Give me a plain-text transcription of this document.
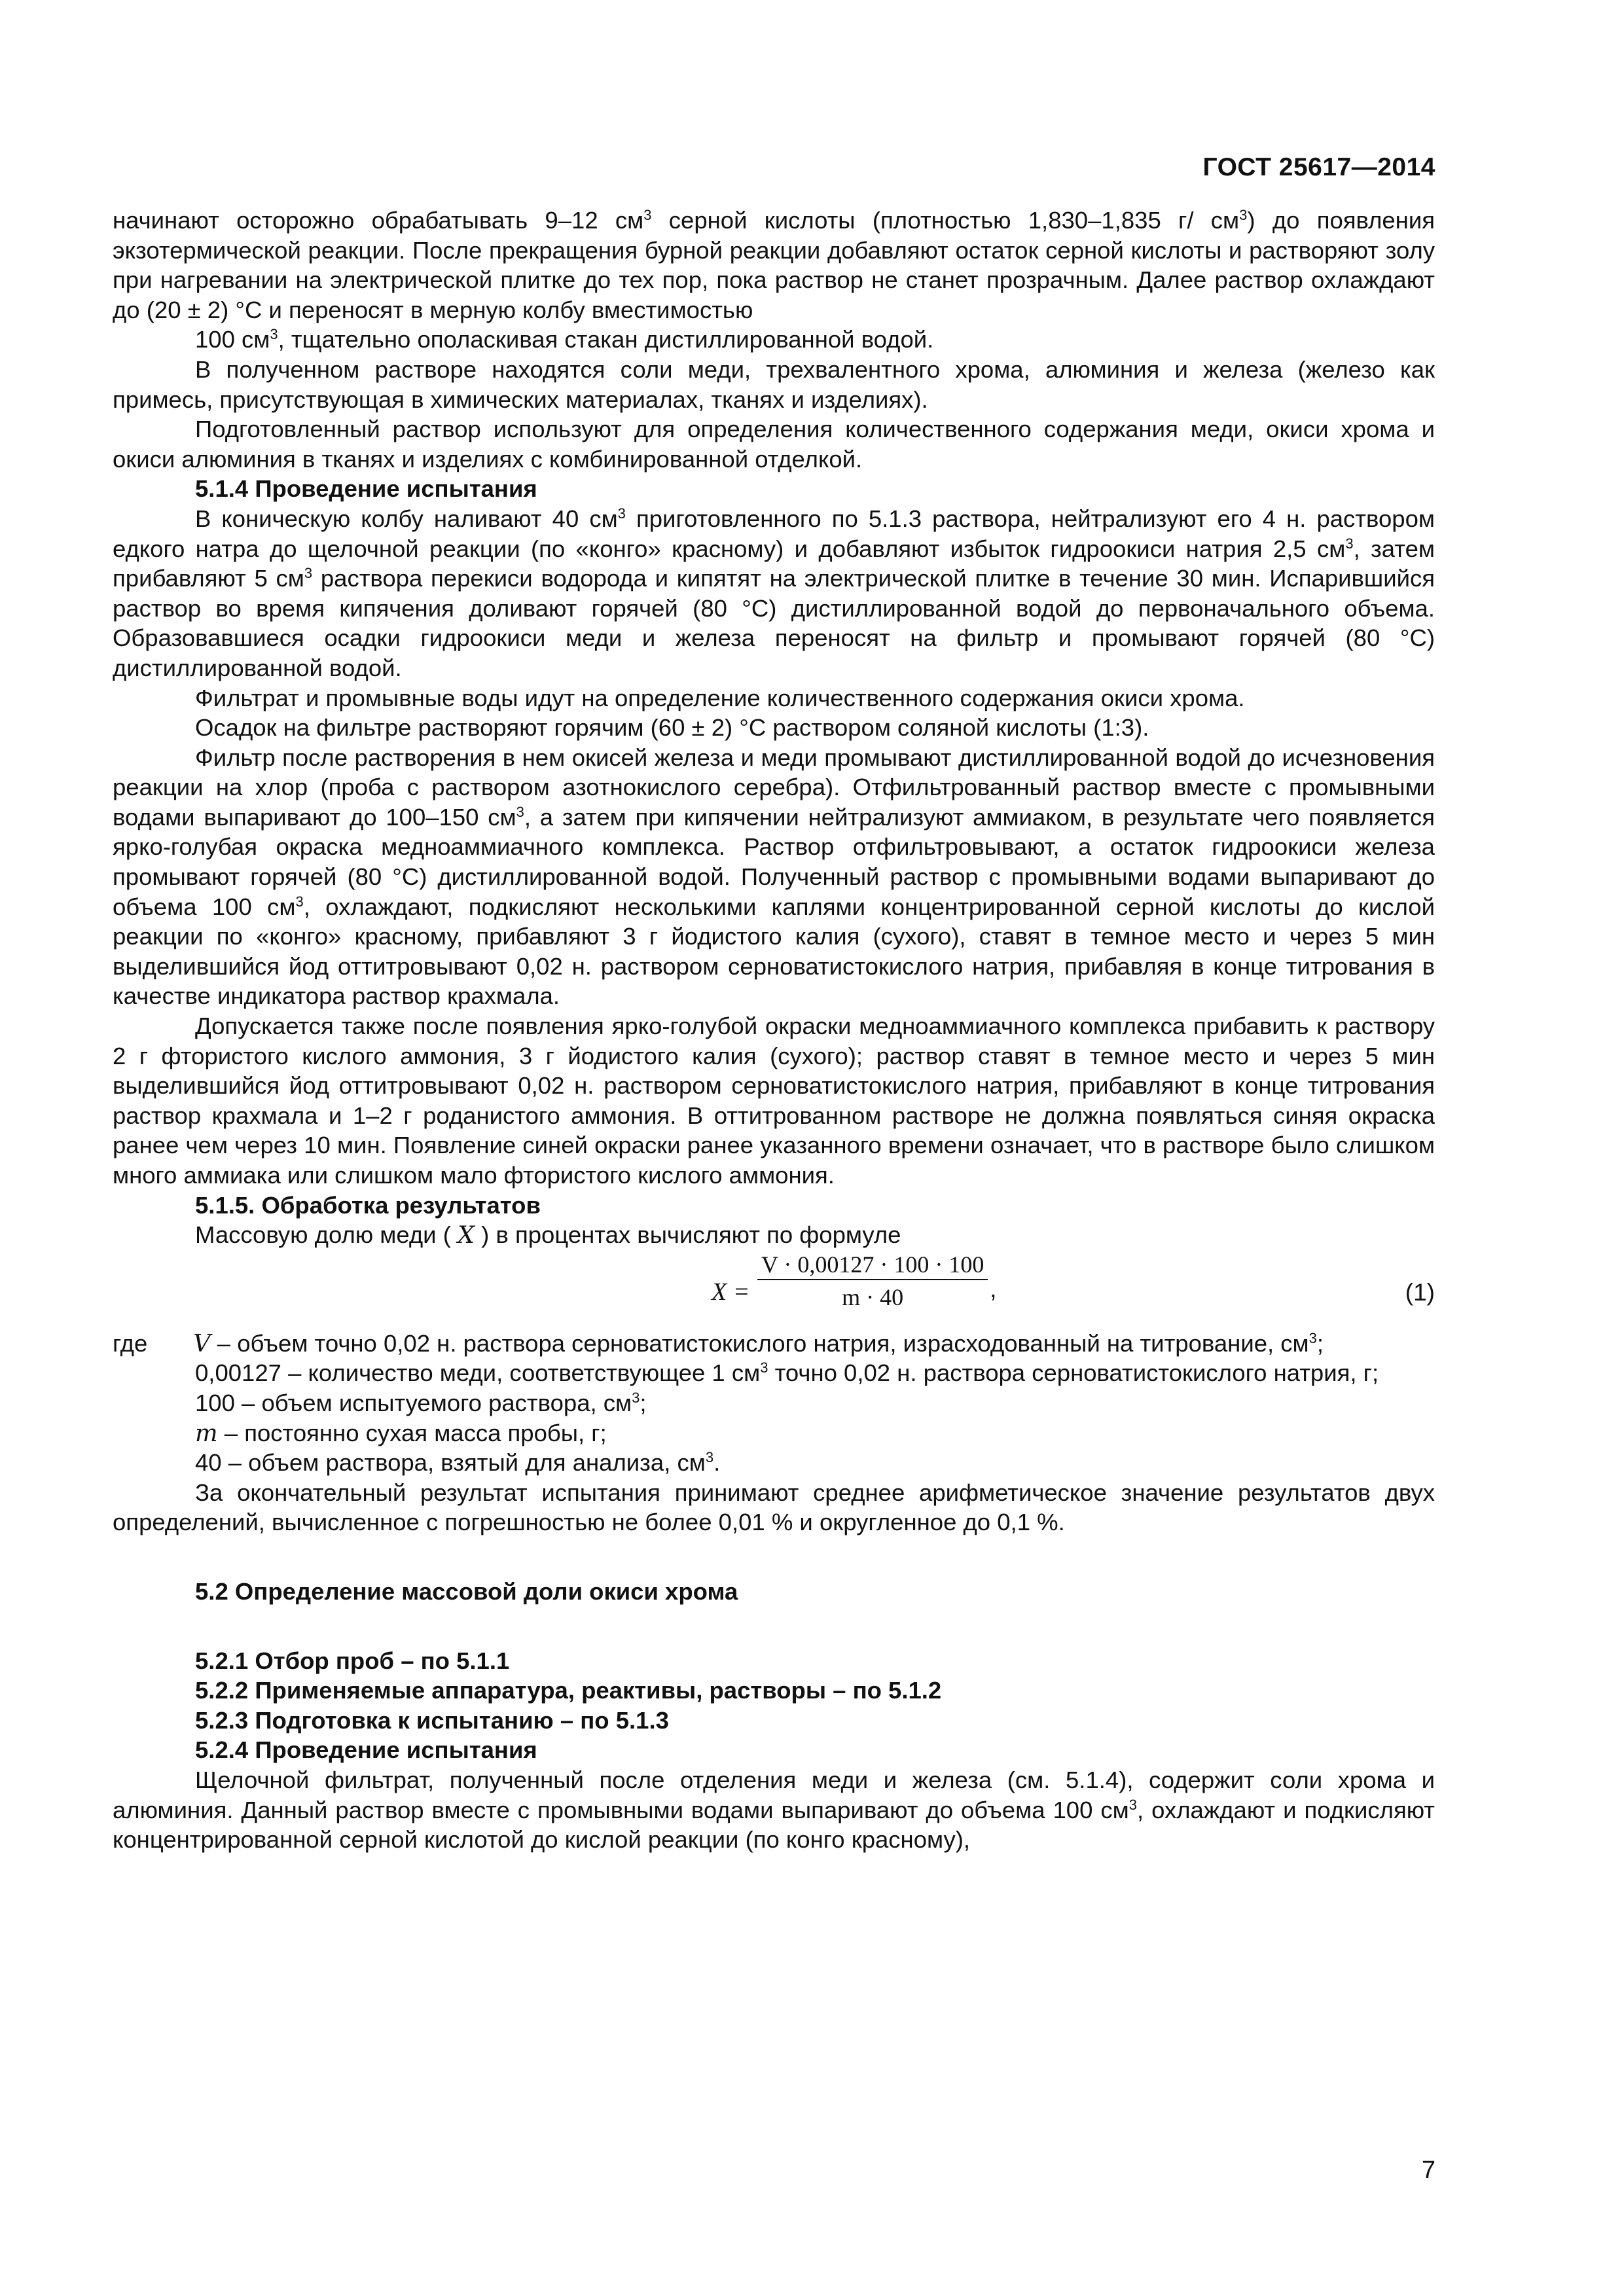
ГОСТ 25617—2014

начинают осторожно обрабатывать 9–12 $см^3$ серной кислоты (плотностью 1,830–1,835 г/ $см^3$) до появления экзотермической реакции. После прекращения бурной реакции добавляют остаток серной кислоты и растворяют золу при нагревании на электрической плитке до тех пор, пока раствор не станет прозрачным. Далее раствор охлаждают до (20 ± 2) °С и переносят в мерную колбу вместимостью

100 $см^3$, тщательно ополаскивая стакан дистиллированной водой.

В полученном растворе находятся соли меди, трехвалентного хрома, алюминия и железа (железо как примесь, присутствующая в химических материалах, тканях и изделиях).

Подготовленный раствор используют для определения количественного содержания меди, окиси хрома и окиси алюминия в тканях и изделиях с комбинированной отделкой.

5.1.4 Проведение испытания

В коническую колбу наливают 40 $см^3$ приготовленного по 5.1.3 раствора, нейтрализуют его 4 н. раствором едкого натра до щелочной реакции (по «конго» красному) и добавляют избыток гидроокиси натрия 2,5 $см^3$, затем прибавляют 5 $см^3$ раствора перекиси водорода и кипятят на электрической плитке в течение 30 мин. Испарившийся раствор во время кипячения доливают горячей (80 °С) дистиллированной водой до первоначального объема. Образовавшиеся осадки гидроокиси меди и железа переносят на фильтр и промывают горячей (80 °С) дистиллированной водой.

Фильтрат и промывные воды идут на определение количественного содержания окиси хрома.

Осадок на фильтре растворяют горячим (60 ± 2) °С раствором соляной кислоты (1:3).

Фильтр после растворения в нем окисей железа и меди промывают дистиллированной водой до исчезновения реакции на хлор (проба с раствором азотнокислого серебра). Отфильтрованный раствор вместе с промывными водами выпаривают до 100–150 $см^3$, а затем при кипячении нейтрализуют аммиаком, в результате чего появляется ярко-голубая окраска медноаммиачного комплекса. Раствор отфильтровывают, а остаток гидроокиси железа промывают горячей (80 °С) дистиллированной водой. Полученный раствор с промывными водами выпаривают до объема 100 $см^3$, охлаждают, подкисляют несколькими каплями концентрированной серной кислоты до кислой реакции по «конго» красному, прибавляют 3 г йодистого калия (сухого), ставят в темное место и через 5 мин выделившийся йод оттитровывают 0,02 н. раствором серноватистокислого натрия, прибавляя в конце титрования в качестве индикатора раствор крахмала.

Допускается также после появления ярко-голубой окраски медноаммиачного комплекса прибавить к раствору 2 г фтористого кислого аммония, 3 г йодистого калия (сухого); раствор ставят в темное место и через 5 мин выделившийся йод оттитровывают 0,02 н. раствором серноватистокислого натрия, прибавляют в конце титрования раствор крахмала и 1–2 г роданистого аммония. В оттитрованном растворе не должна появляться синяя окраска ранее чем через 10 мин. Появление синей окраски ранее указанного времени означает, что в растворе было слишком много аммиака или слишком мало фтористого кислого аммония.

5.1.5. Обработка результатов

Массовую долю меди ( X ) в процентах вычисляют по формуле

$X = \frac{V \cdot 0,00127 \cdot 100 \cdot 100}{m \cdot 40}$ ,	(1)

где V – объем точно 0,02 н. раствора серноватистокислого натрия, израсходованный на титрование, $см^3$;

0,00127 – количество меди, соответствующее 1 $см^3$ точно 0,02 н. раствора серноватистокислого натрия, г;

100 – объем испытуемого раствора, $см^3$;

m – постоянно сухая масса пробы, г;

40 – объем раствора, взятый для анализа, $см^3$.

За окончательный результат испытания принимают среднее арифметическое значение результатов двух определений, вычисленное с погрешностью не более 0,01 % и округленное до 0,1 %.

5.2 Определение массовой доли окиси хрома

5.2.1 Отбор проб – по 5.1.1

5.2.2 Применяемые аппаратура, реактивы, растворы – по 5.1.2

5.2.3 Подготовка к испытанию – по 5.1.3

5.2.4 Проведение испытания

Щелочной фильтрат, полученный после отделения меди и железа (см. 5.1.4), содержит соли хрома и алюминия. Данный раствор вместе с промывными водами выпаривают до объема 100 $см^3$, охлаждают и подкисляют концентрированной серной кислотой до кислой реакции (по конго красному),

7
